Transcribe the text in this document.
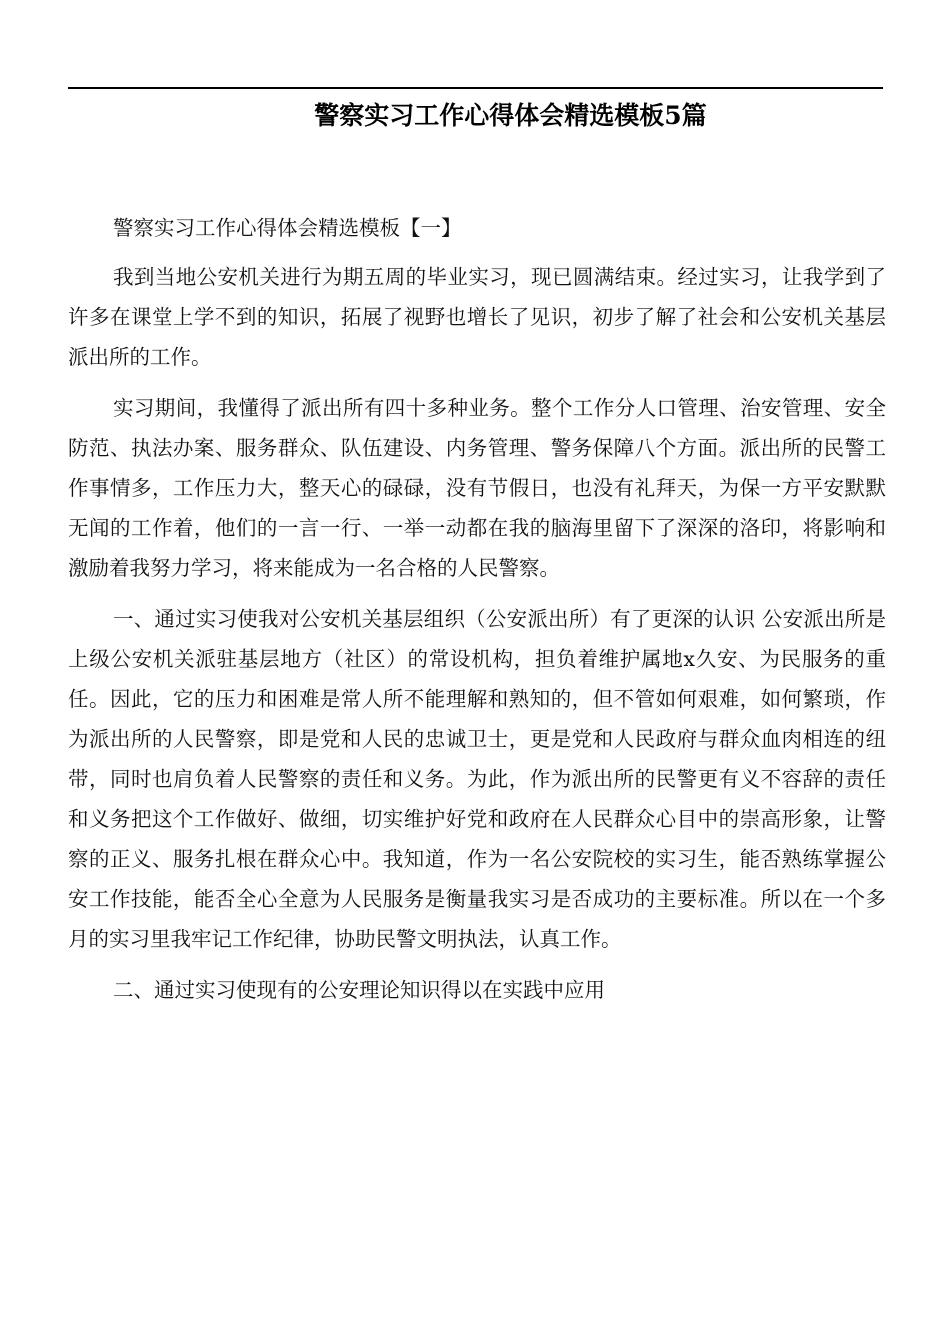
警察实习工作心得体会精选模板5篇

警察实习工作心得体会精选模板【一】

我到当地公安机关进行为期五周的毕业实习，现已圆满结束。经过实习，让我学到了许多在课堂上学不到的知识，拓展了视野也增长了见识，初步了解了社会和公安机关基层派出所的工作。

实习期间，我懂得了派出所有四十多种业务。整个工作分人口管理、治安管理、安全防范、执法办案、服务群众、队伍建设、内务管理、警务保障八个方面。派出所的民警工作事情多，工作压力大，整天心的碌碌，没有节假日，也没有礼拜天，为保一方平安默默无闻的工作着，他们的一言一行、一举一动都在我的脑海里留下了深深的洛印，将影响和激励着我努力学习，将来能成为一名合格的人民警察。

一、通过实习使我对公安机关基层组织（公安派出所）有了更深的认识 公安派出所是上级公安机关派驻基层地方（社区）的常设机构，担负着维护属地x久安、为民服务的重任。因此，它的压力和困难是常人所不能理解和熟知的，但不管如何艰难，如何繁琐，作为派出所的人民警察，即是党和人民的忠诚卫士，更是党和人民政府与群众血肉相连的纽带，同时也肩负着人民警察的责任和义务。为此，作为派出所的民警更有义不容辞的责任和义务把这个工作做好、做细，切实维护好党和政府在人民群众心目中的崇高形象，让警察的正义、服务扎根在群众心中。我知道，作为一名公安院校的实习生，能否熟练掌握公安工作技能，能否全心全意为人民服务是衡量我实习是否成功的主要标准。所以在一个多月的实习里我牢记工作纪律，协助民警文明执法，认真工作。

二、通过实习使现有的公安理论知识得以在实践中应用
